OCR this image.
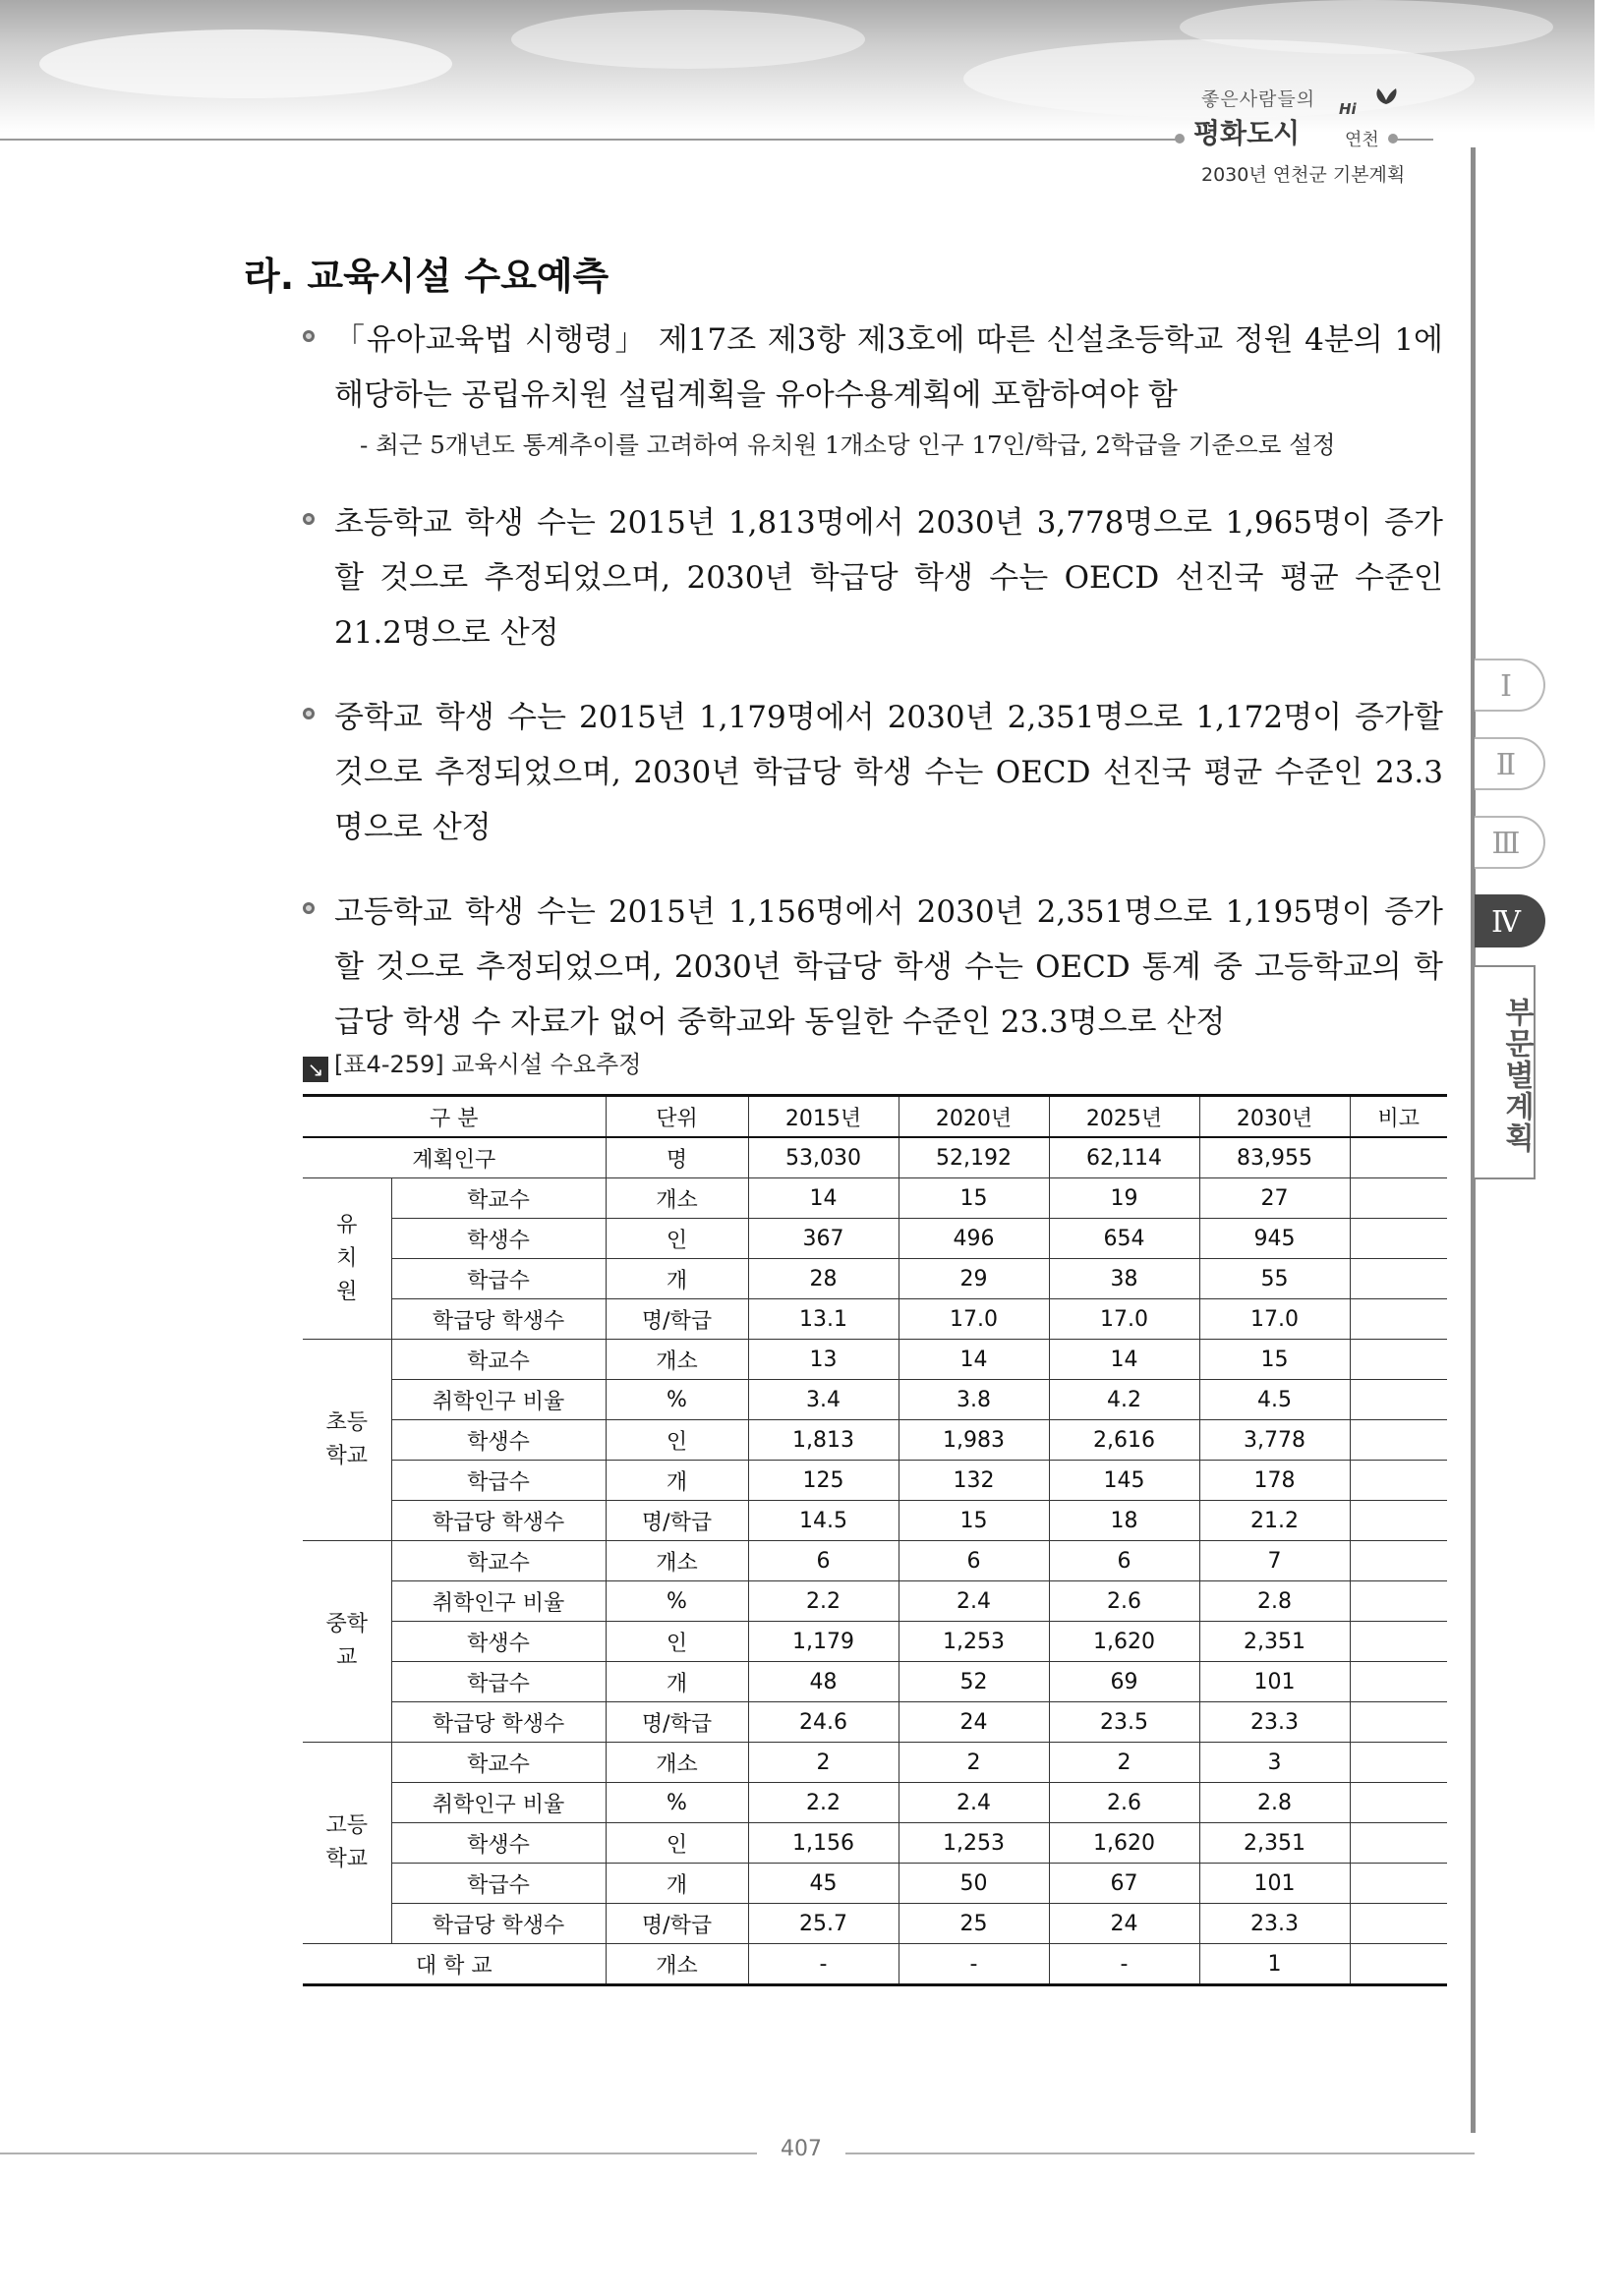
좋은사람들의
평화도시
Hi
연천
2030년 연천군 기본계획
Ⅰ
Ⅱ
Ⅲ
Ⅳ
부문별계획
라. 교육시설 수요예측
「유아교육법 시행령」 제17조 제3항 제3호에 따른 신설초등학교 정원 4분의 1에 해당하는 공립유치원 설립계획을 유아수용계획에 포함하여야 함
- 최근 5개년도 통계추이를 고려하여 유치원 1개소당 인구 17인/학급, 2학급을 기준으로 설정
초등학교 학생 수는 2015년 1,813명에서 2030년 3,778명으로 1,965명이 증가할 것으로 추정되었으며, 2030년 학급당 학생 수는 OECD 선진국 평균 수준인 21.2명으로 산정
중학교 학생 수는 2015년 1,179명에서 2030년 2,351명으로 1,172명이 증가할 것으로 추정되었으며, 2030년 학급당 학생 수는 OECD 선진국 평균 수준인 23.3명으로 산정
고등학교 학생 수는 2015년 1,156명에서 2030년 2,351명으로 1,195명이 증가 할 것으로 추정되었으며, 2030년 학급당 학생 수는 OECD 통계 중 고등학교의 학급당 학생 수 자료가 없어 중학교와 동일한 수준인 23.3명으로 산정
↘ [표4-259] 교육시설 수요추정
구 분		단위	2015년	2020년	2025년	2030년	비고
계획인구		명	53,030	52,192	62,114	83,955	
유
치
원	학교수	개소	14	15	19	27	
	학생수	인	367	496	654	945	
	학급수	개	28	29	38	55	
	학급당 학생수	명/학급	13.1	17.0	17.0	17.0	
초등
학교	학교수	개소	13	14	14	15	
	취학인구 비율	%	3.4	3.8	4.2	4.5	
	학생수	인	1,813	1,983	2,616	3,778	
	학급수	개	125	132	145	178	
	학급당 학생수	명/학급	14.5	15	18	21.2	
중학
교	학교수	개소	6	6	6	7	
	취학인구 비율	%	2.2	2.4	2.6	2.8	
	학생수	인	1,179	1,253	1,620	2,351	
	학급수	개	48	52	69	101	
	학급당 학생수	명/학급	24.6	24	23.5	23.3	
고등
학교	학교수	개소	2	2	2	3	
	취학인구 비율	%	2.2	2.4	2.6	2.8	
	학생수	인	1,156	1,253	1,620	2,351	
	학급수	개	45	50	67	101	
	학급당 학생수	명/학급	25.7	25	24	23.3	
대 학 교		개소	-	-	-	1	
407
